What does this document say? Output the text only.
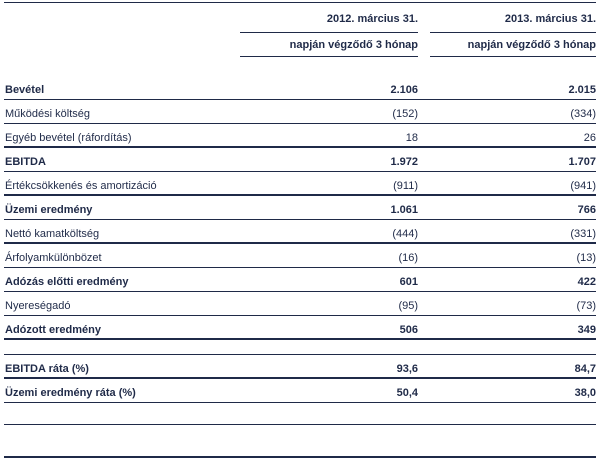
2012. március 31.
napján végződő 3 hónap
2013. március 31.
napján végződő 3 hónap
Bevétel	2.106	2.015
Működési költség	(152)	(334)
Egyéb bevétel (ráfordítás)	18	26
EBITDA	1.972	1.707
Értékcsökkenés és amortizáció	(911)	(941)
Üzemi eredmény	1.061	766
Nettó kamatköltség	(444)	(331)
Árfolyamkülönbözet	(16)	(13)
Adózás előtti eredmény	601	422
Nyereségadó	(95)	(73)
Adózott eredmény	506	349
EBITDA ráta (%)	93,6	84,7
Üzemi eredmény ráta (%)	50,4	38,0
